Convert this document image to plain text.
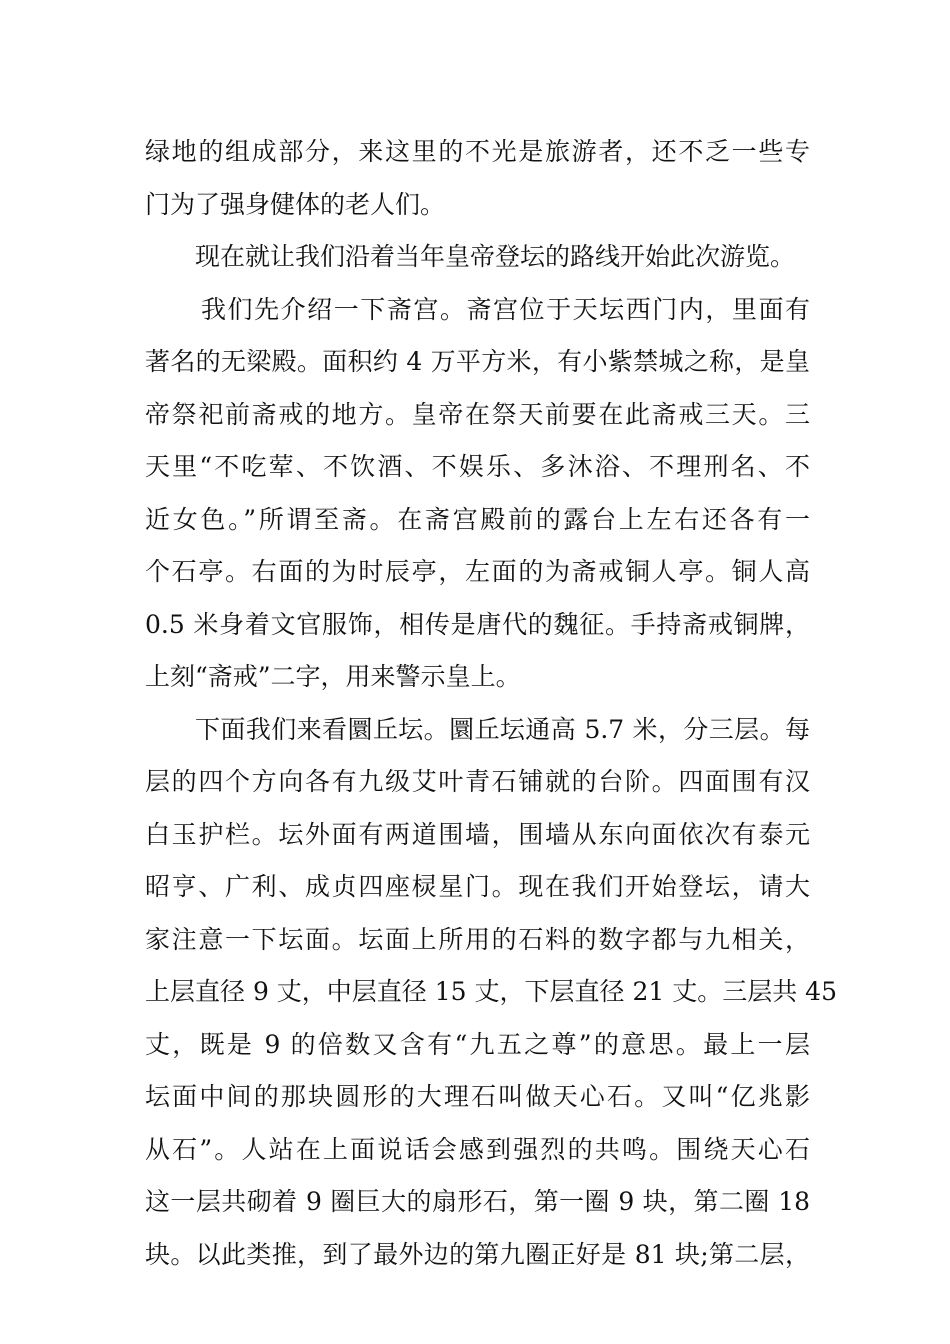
绿地的组成部分，来这里的不光是旅游者，还不乏一些专
门为了强身健体的老人们。
现在就让我们沿着当年皇帝登坛的路线开始此次游览。
我们先介绍一下斋宫。斋宫位于天坛西门内，里面有
著名的无梁殿。面积约 4 万平方米，有小紫禁城之称，是皇
帝祭祀前斋戒的地方。皇帝在祭天前要在此斋戒三天。三
天里“不吃荤、不饮酒、不娱乐、多沐浴、不理刑名、不
近女色。”所谓至斋。在斋宫殿前的露台上左右还各有一
个石亭。右面的为时辰亭，左面的为斋戒铜人亭。铜人高
0.5 米身着文官服饰，相传是唐代的魏征。手持斋戒铜牌，
上刻“斋戒”二字，用来警示皇上。
下面我们来看圜丘坛。圜丘坛通高 5.7 米，分三层。每
层的四个方向各有九级艾叶青石铺就的台阶。四面围有汉
白玉护栏。坛外面有两道围墙，围墙从东向面依次有泰元
昭亨、广利、成贞四座棂星门。现在我们开始登坛，请大
家注意一下坛面。坛面上所用的石料的数字都与九相关，
上层直径 9 丈，中层直径 15 丈，下层直径 21 丈。三层共 45
丈，既是 9 的倍数又含有“九五之尊”的意思。最上一层
坛面中间的那块圆形的大理石叫做天心石。又叫“亿兆影
从石”。人站在上面说话会感到强烈的共鸣。围绕天心石
这一层共砌着 9 圈巨大的扇形石，第一圈 9 块，第二圈 18
块。以此类推，到了最外边的第九圈正好是 81 块;第二层，
